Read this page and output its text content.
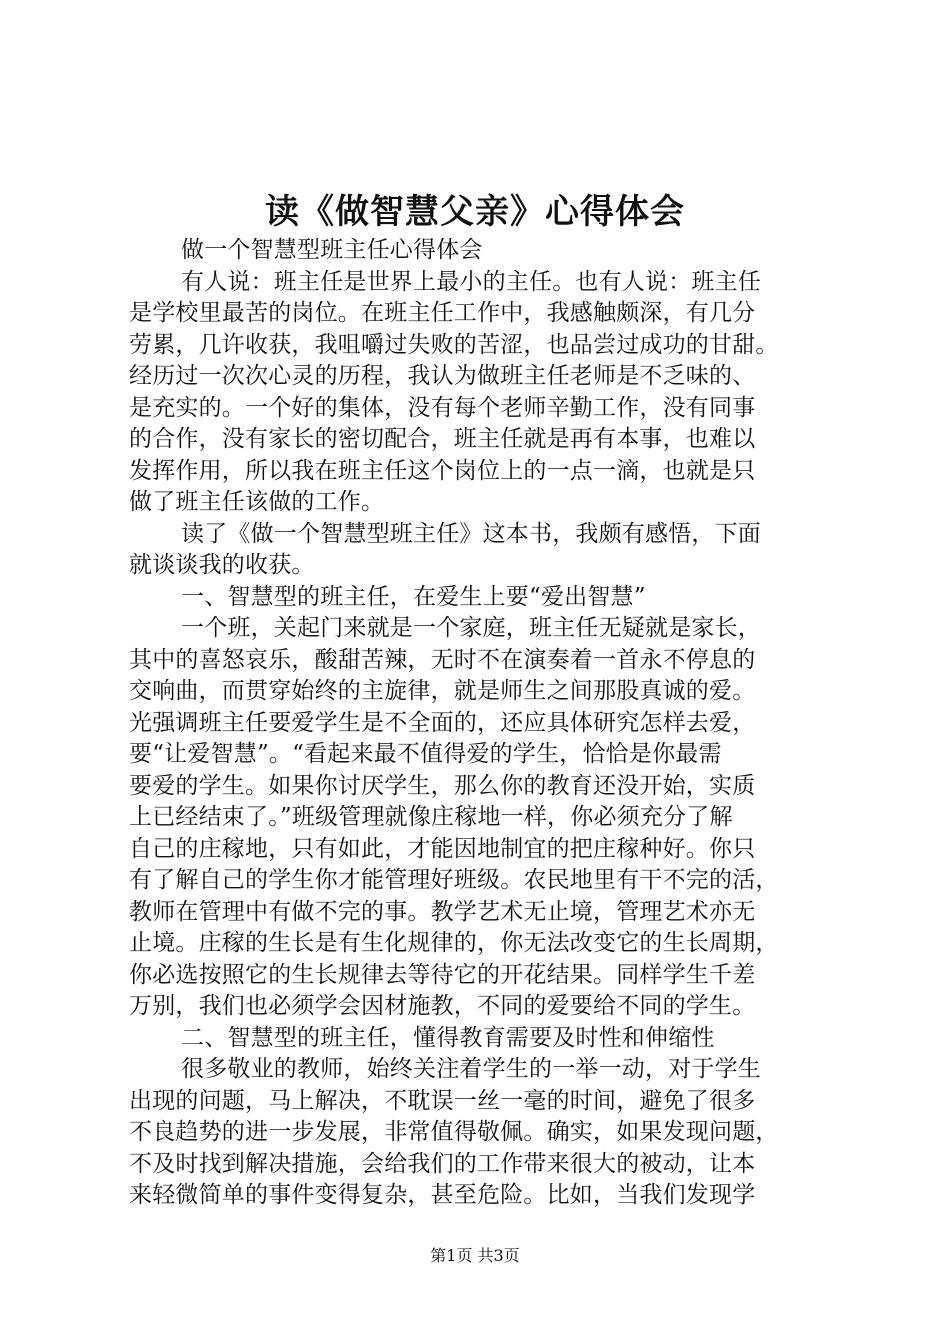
读《做智慧父亲》心得体会
做一个智慧型班主任心得体会
有人说：班主任是世界上最小的主任。也有人说：班主任
是学校里最苦的岗位。在班主任工作中，我感触颇深，有几分
劳累，几许收获，我咀嚼过失败的苦涩，也品尝过成功的甘甜。
经历过一次次心灵的历程，我认为做班主任老师是不乏味的、
是充实的。一个好的集体，没有每个老师辛勤工作，没有同事
的合作，没有家长的密切配合，班主任就是再有本事，也难以
发挥作用，所以我在班主任这个岗位上的一点一滴，也就是只
做了班主任该做的工作。
读了《做一个智慧型班主任》这本书，我颇有感悟，下面
就谈谈我的收获。
一、智慧型的班主任，在爱生上要“爱出智慧”
一个班，关起门来就是一个家庭，班主任无疑就是家长，
其中的喜怒哀乐，酸甜苦辣，无时不在演奏着一首永不停息的
交响曲，而贯穿始终的主旋律，就是师生之间那股真诚的爱。
光强调班主任要爱学生是不全面的，还应具体研究怎样去爱，
要“让爱智慧”。“看起来最不值得爱的学生，恰恰是你最需
要爱的学生。如果你讨厌学生，那么你的教育还没开始，实质
上已经结束了。”班级管理就像庄稼地一样，你必须充分了解
自己的庄稼地，只有如此，才能因地制宜的把庄稼种好。你只
有了解自己的学生你才能管理好班级。农民地里有干不完的活，
教师在管理中有做不完的事。教学艺术无止境，管理艺术亦无
止境。庄稼的生长是有生化规律的，你无法改变它的生长周期，
你必选按照它的生长规律去等待它的开花结果。同样学生千差
万别，我们也必须学会因材施教，不同的爱要给不同的学生。
二、智慧型的班主任，懂得教育需要及时性和伸缩性
很多敬业的教师，始终关注着学生的一举一动，对于学生
出现的问题，马上解决，不耽误一丝一毫的时间，避免了很多
不良趋势的进一步发展，非常值得敬佩。确实，如果发现问题，
不及时找到解决措施，会给我们的工作带来很大的被动，让本
来轻微简单的事件变得复杂，甚至危险。比如，当我们发现学
第1页 共3页
